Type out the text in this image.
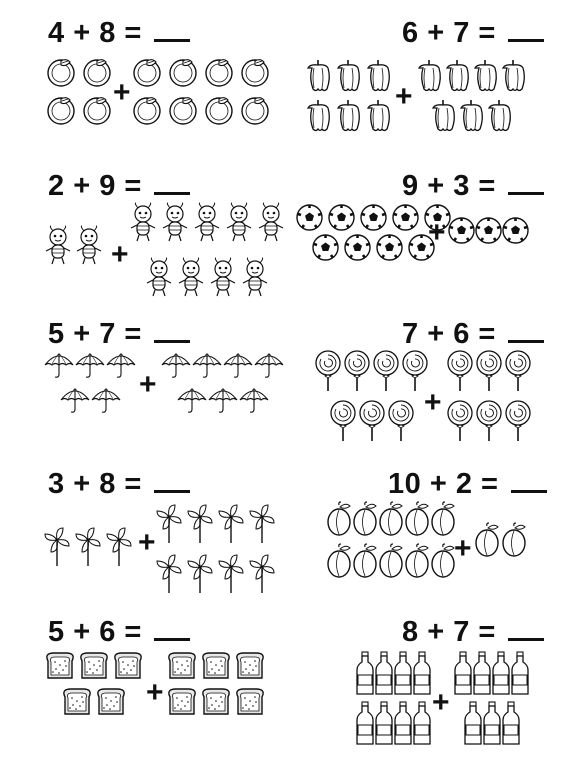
4 + 8 =
+
6 + 7 =
+
2 + 9 =
+
9 + 3 =
+
5 + 7 =
+
7 + 6 =
+
3 + 8 =
+
10 + 2 =
+
5 + 6 =
+
8 + 7 =
+
